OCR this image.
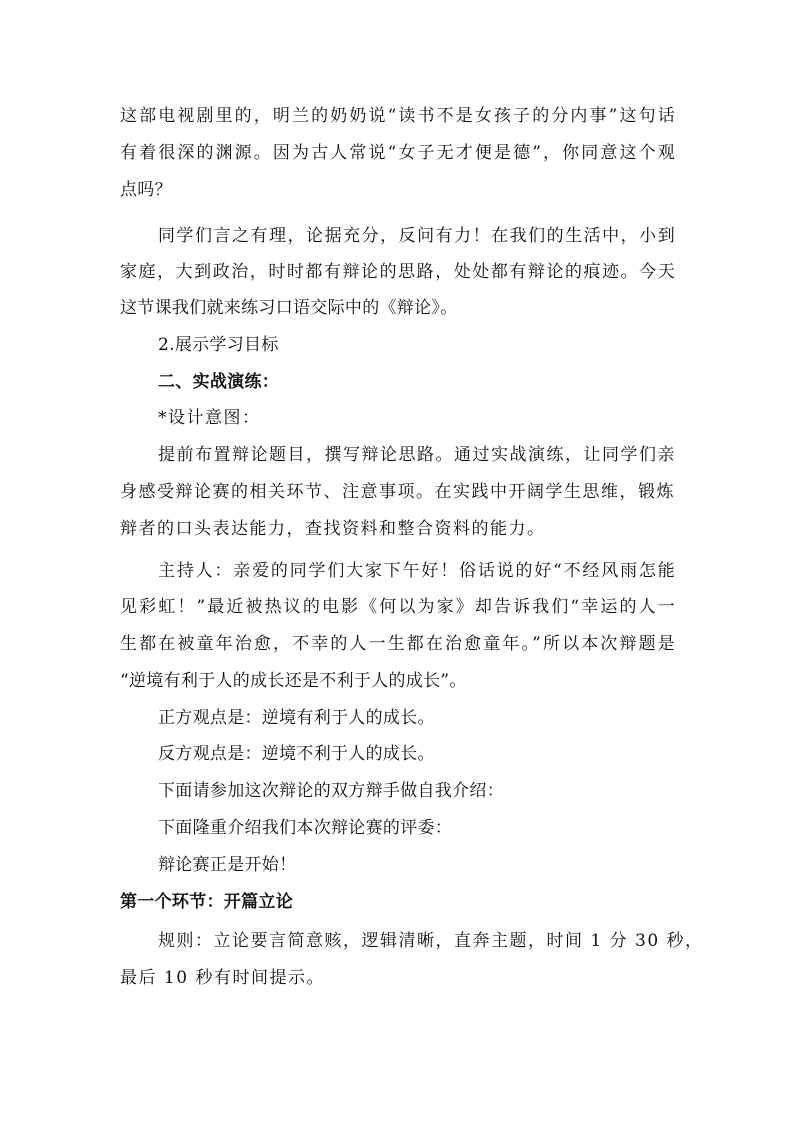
这部电视剧里的，明兰的奶奶说“读书不是女孩子的分内事”这句话
有着很深的渊源。因为古人常说“女子无才便是德”，你同意这个观
点吗？
同学们言之有理，论据充分，反问有力！在我们的生活中，小到
家庭，大到政治，时时都有辩论的思路，处处都有辩论的痕迹。今天
这节课我们就来练习口语交际中的《辩论》。
2.展示学习目标
二、实战演练：
*设计意图：
提前布置辩论题目，撰写辩论思路。通过实战演练，让同学们亲
身感受辩论赛的相关环节、注意事项。在实践中开阔学生思维，锻炼
辩者的口头表达能力，查找资料和整合资料的能力。
主持人：亲爱的同学们大家下午好！俗话说的好“不经风雨怎能
见彩虹！”最近被热议的电影《何以为家》却告诉我们“幸运的人一
生都在被童年治愈，不幸的人一生都在治愈童年。”所以本次辩题是
“逆境有利于人的成长还是不利于人的成长”。
正方观点是：逆境有利于人的成长。
反方观点是：逆境不利于人的成长。
下面请参加这次辩论的双方辩手做自我介绍：
下面隆重介绍我们本次辩论赛的评委：
辩论赛正是开始！
第一个环节：开篇立论
规则：立论要言简意赅，逻辑清晰，直奔主题，时间 1 分 30 秒，
最后 10 秒有时间提示。
